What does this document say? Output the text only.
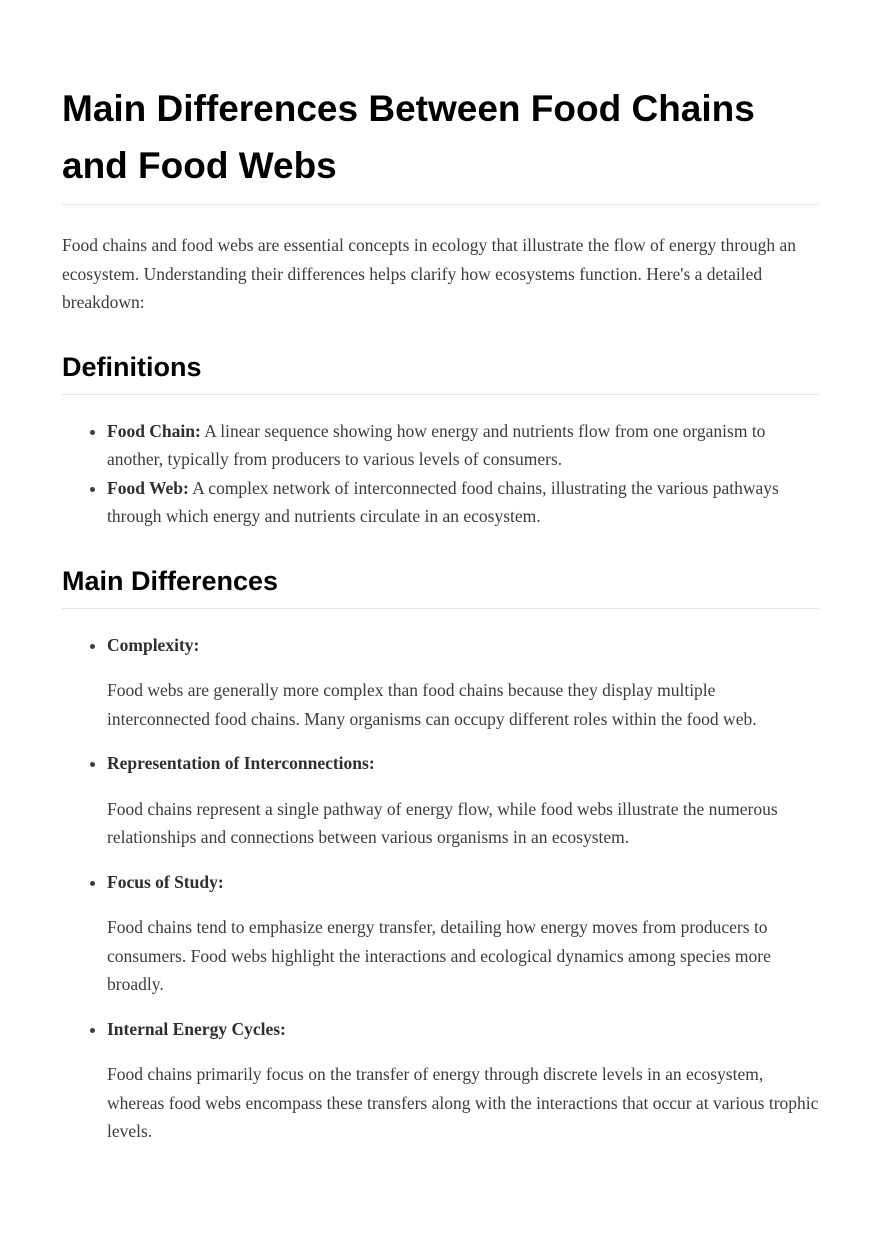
Main Differences Between Food Chains and Food Webs

Food chains and food webs are essential concepts in ecology that illustrate the flow of energy through an ecosystem. Understanding their differences helps clarify how ecosystems function. Here's a detailed breakdown:

Definitions
• Food Chain: A linear sequence showing how energy and nutrients flow from one organism to another, typically from producers to various levels of consumers.
• Food Web: A complex network of interconnected food chains, illustrating the various pathways through which energy and nutrients circulate in an ecosystem.
Main Differences
• Complexity:

Food webs are generally more complex than food chains because they display multiple interconnected food chains. Many organisms can occupy different roles within the food web.

• Representation of Interconnections:

Food chains represent a single pathway of energy flow, while food webs illustrate the numerous relationships and connections between various organisms in an ecosystem.

• Focus of Study:

Food chains tend to emphasize energy transfer, detailing how energy moves from producers to consumers. Food webs highlight the interactions and ecological dynamics among species more broadly.

• Internal Energy Cycles:

Food chains primarily focus on the transfer of energy through discrete levels in an ecosystem, whereas food webs encompass these transfers along with the interactions that occur at various trophic levels.
